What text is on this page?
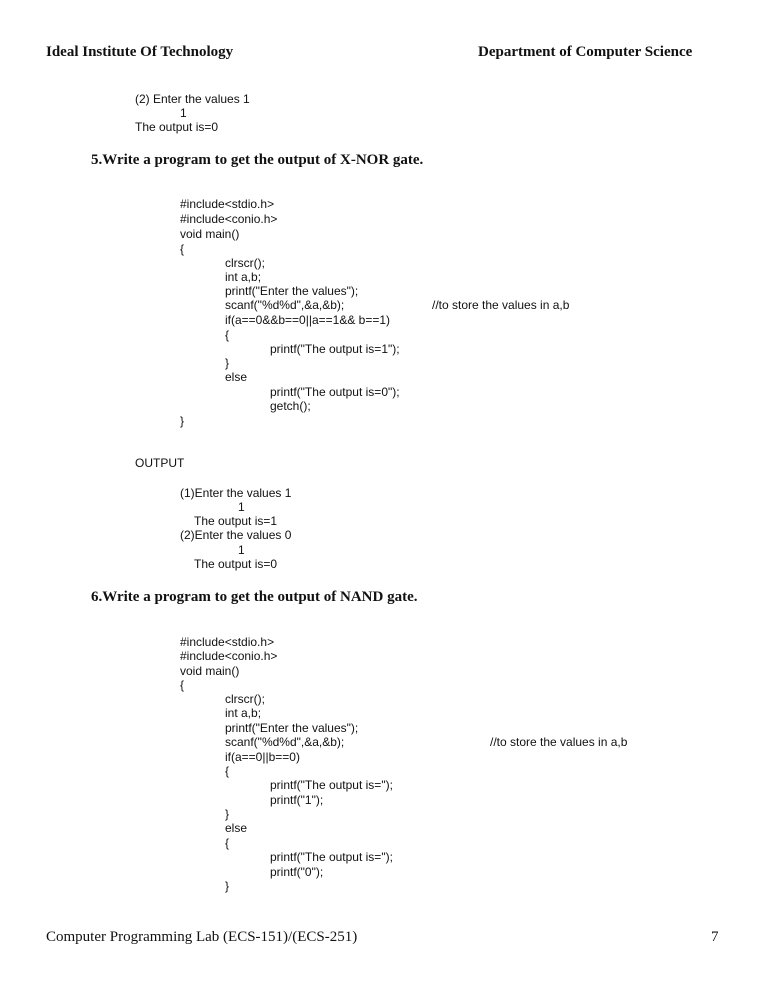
Ideal Institute Of Technology	Department of Computer Science
(2) Enter the values 1
1
The output is=0
5.Write a program to get the output of X-NOR gate.
#include<stdio.h>
#include<conio.h>
void main()
{
clrscr();
int a,b;
printf("Enter the values");
scanf("%d%d",&a,&b);	//to store the values in a,b
if(a==0&&b==0||a==1&& b==1)
{
printf("The output is=1");
}
else
printf("The output is=0");
getch();
}
OUTPUT
(1)Enter the values 1
1
The output is=1
(2)Enter the values 0
1
The output is=0
6.Write a program to get the output of NAND gate.
#include<stdio.h>
#include<conio.h>
void main()
{
clrscr();
int a,b;
printf("Enter the values");
scanf("%d%d",&a,&b);	//to store the values in a,b
if(a==0||b==0)
{
printf("The output is=");
printf("1");
}
else
{
printf("The output is=");
printf("0");
}
Computer Programming Lab (ECS-151)/(ECS-251)	7
